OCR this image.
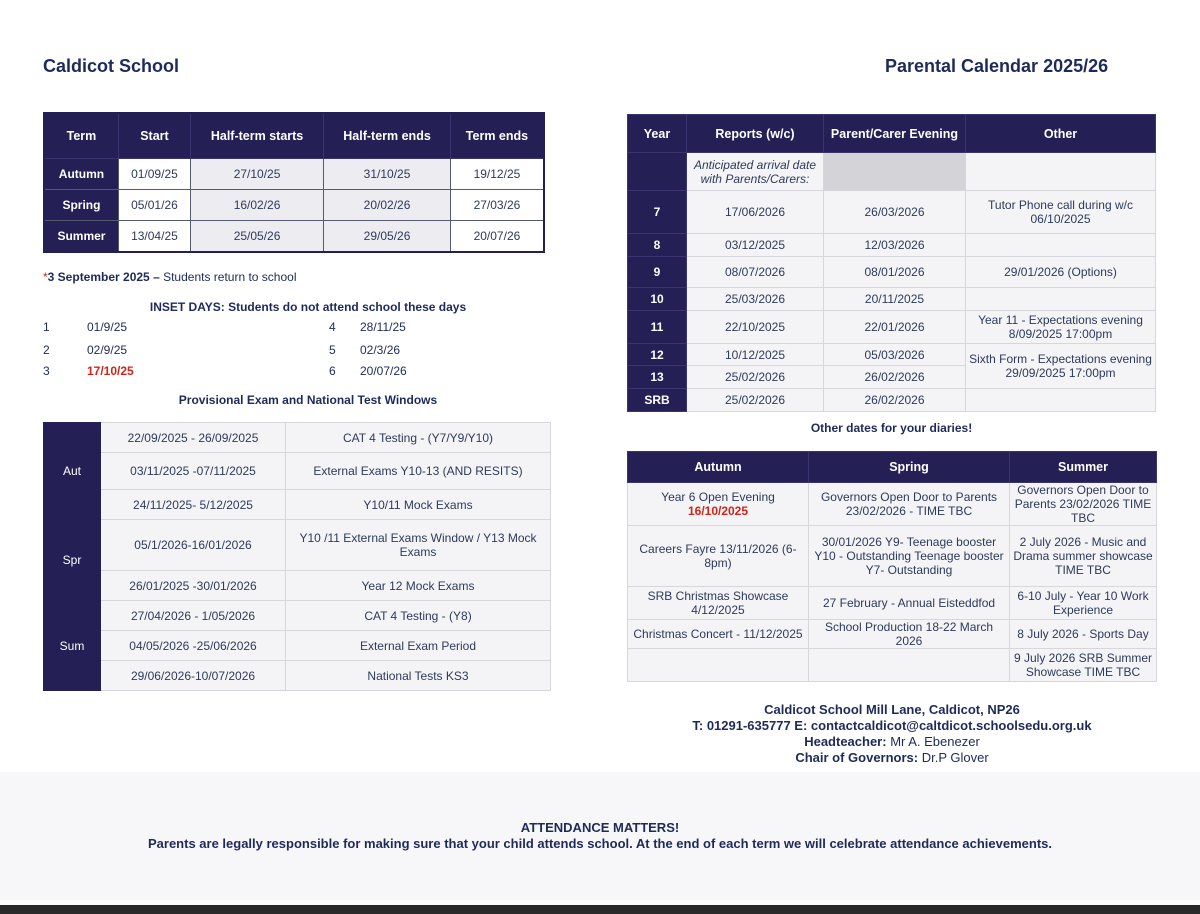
Caldicot School	Parental Calendar 2025/26
Term	Start	Half-term starts	Half-term ends	Term ends
Autumn	01/09/25	27/10/25	31/10/25	19/12/25
Spring	05/01/26	16/02/26	20/02/26	27/03/26
Summer	13/04/25	25/05/26	29/05/26	20/07/26
*3 September 2025 – Students return to school
INSET DAYS: Students do not attend school these days
1	01/9/25
2	02/9/25
3	17/10/25
4 28/11/25
5 02/3/26
6 20/07/26
Provisional Exam and National Test Windows
Aut	22/09/2025 - 26/09/2025	CAT 4 Testing - (Y7/Y9/Y10)
	03/11/2025 -07/11/2025	External Exams Y10-13 (AND RESITS)
	24/11/2025- 5/12/2025	Y10/11 Mock Exams
Spr	05/1/2026-16/01/2026	Y10 /11 External Exams Window / Y13 Mock Exams
	26/01/2025 -30/01/2026	Year 12 Mock Exams
Sum	27/04/2026 - 1/05/2026	CAT 4 Testing - (Y8)
	04/05/2026 -25/06/2026	External Exam Period
	29/06/2026-10/07/2026	National Tests KS3
Year	Reports (w/c)	Parent/Carer Evening	Other
	Anticipated arrival date with Parents/Carers:		
7	17/06/2026	26/03/2026	Tutor Phone call during w/c 06/10/2025
8	03/12/2025	12/03/2026	
9	08/07/2026	08/01/2026	29/01/2026 (Options)
10	25/03/2026	20/11/2025	
11	22/10/2025	22/01/2026	Year 11 - Expectations evening 8/09/2025 17:00pm
12	10/12/2025	05/03/2026	Sixth Form - Expectations evening 29/09/2025 17:00pm
13	25/02/2026	26/02/2026	
SRB	25/02/2026	26/02/2026	
Other dates for your diaries!
Autumn	Spring	Summer
Year 6 Open Evening
16/10/2025	Governors Open Door to Parents 23/02/2026 - TIME TBC	Governors Open Door to Parents 23/02/2026 TIME TBC
Careers Fayre 13/11/2026 (6-8pm)	30/01/2026 Y9- Teenage booster Y10 - Outstanding Teenage booster Y7- Outstanding	2 July 2026 - Music and Drama summer showcase TIME TBC
SRB Christmas Showcase 4/12/2025	27 February - Annual Eisteddfod	6-10 July - Year 10 Work Experience
Christmas Concert - 11/12/2025	School Production 18-22 March 2026	8 July 2026 - Sports Day
		9 July 2026 SRB Summer Showcase TIME TBC
Caldicot School Mill Lane, Caldicot, NP26
T: 01291-635777 E: contactcaldicot@caltdicot.schoolsedu.org.uk
Headteacher: Mr A. Ebenezer
Chair of Governors: Dr.P Glover
ATTENDANCE MATTERS!
Parents are legally responsible for making sure that your child attends school. At the end of each term we will celebrate attendance achievements.
